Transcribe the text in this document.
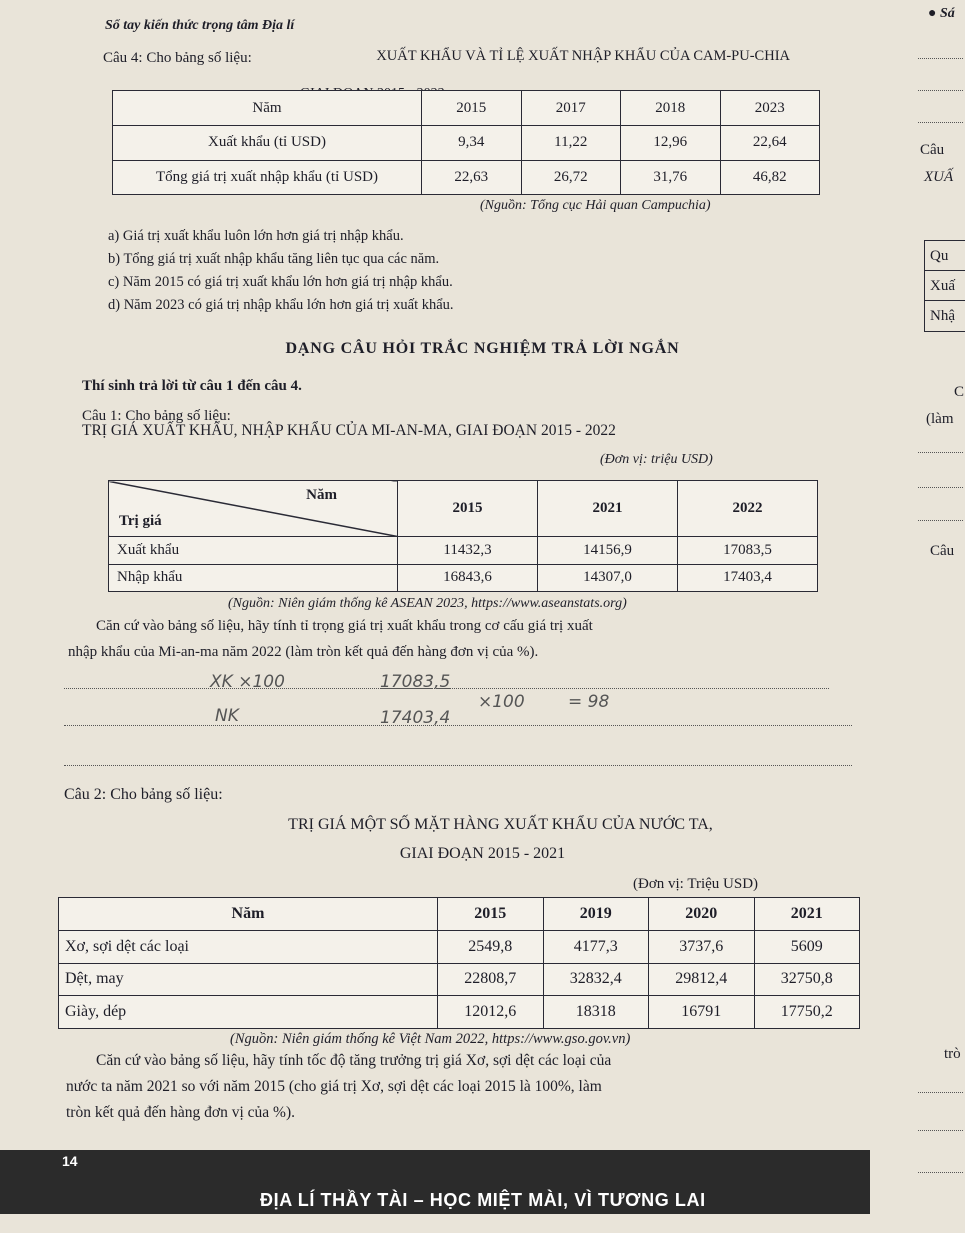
Sổ tay kiến thức trọng tâm Địa lí
● Sá
Câu 4: Cho bảng số liệu:	XUẤT KHẨU VÀ TỈ LỆ XUẤT NHẬP KHẨU CỦA CAM-PU-CHIA
Năm	2015	2017	2018	2023
Xuất khẩu (tỉ USD)	9,34	11,22	12,96	22,64
Tổng giá trị xuất nhập khẩu (tỉ USD)	22,63	26,72	31,76	46,82
(Nguồn: Tổng cục Hải quan Campuchia)
a) Giá trị xuất khẩu luôn lớn hơn giá trị nhập khẩu.
b) Tổng giá trị xuất nhập khẩu tăng liên tục qua các năm.
c) Năm 2015 có giá trị xuất khẩu lớn hơn giá trị nhập khẩu.
d) Năm 2023 có giá trị nhập khẩu lớn hơn giá trị xuất khẩu.
DẠNG CÂU HỎI TRẮC NGHIỆM TRẢ LỜI NGẮN
Thí sinh trả lời từ câu 1 đến câu 4.
Câu 1: Cho bảng số liệu:
TRỊ GIÁ XUẤT KHẨU, NHẬP KHẨU CỦA MI-AN-MA, GIAI ĐOẠN 2015 - 2022
(Đơn vị: triệu USD)
Năm
Trị giá	2015	2021	2022
Xuất khẩu	11432,3	14156,9	17083,5
Nhập khẩu	16843,6	14307,0	17403,4
(Nguồn: Niên giám thống kê ASEAN 2023, https://www.aseanstats.org)
Căn cứ vào bảng số liệu, hãy tính tỉ trọng giá trị xuất khẩu trong cơ cấu giá trị xuất
nhập khẩu của Mi-an-ma năm 2022 (làm tròn kết quả đến hàng đơn vị của %).
XK ×100	17083,5
NK	17403,4
×100	= 98
Câu 2: Cho bảng số liệu:
TRỊ GIÁ MỘT SỐ MẶT HÀNG XUẤT KHẨU CỦA NƯỚC TA,
GIAI ĐOẠN 2015 - 2021
(Đơn vị: Triệu USD)
Năm	2015	2019	2020	2021
Xơ, sợi dệt các loại	2549,8	4177,3	3737,6	5609
Dệt, may	22808,7	32832,4	29812,4	32750,8
Giày, dép	12012,6	18318	16791	17750,2
(Nguồn: Niên giám thống kê Việt Nam 2022, https://www.gso.gov.vn)
Căn cứ vào bảng số liệu, hãy tính tốc độ tăng trưởng trị giá Xơ, sợi dệt các loại của
nước ta năm 2021 so với năm 2015 (cho giá trị Xơ, sợi dệt các loại 2015 là 100%, làm
tròn kết quả đến hàng đơn vị của %).
Câu
XUẤ
Qu
Xuấ
Nhậ
C
(làm
Câu
trò
14
ĐỊA LÍ THẦY TÀI – HỌC MIỆT MÀI, VÌ TƯƠNG LAI
